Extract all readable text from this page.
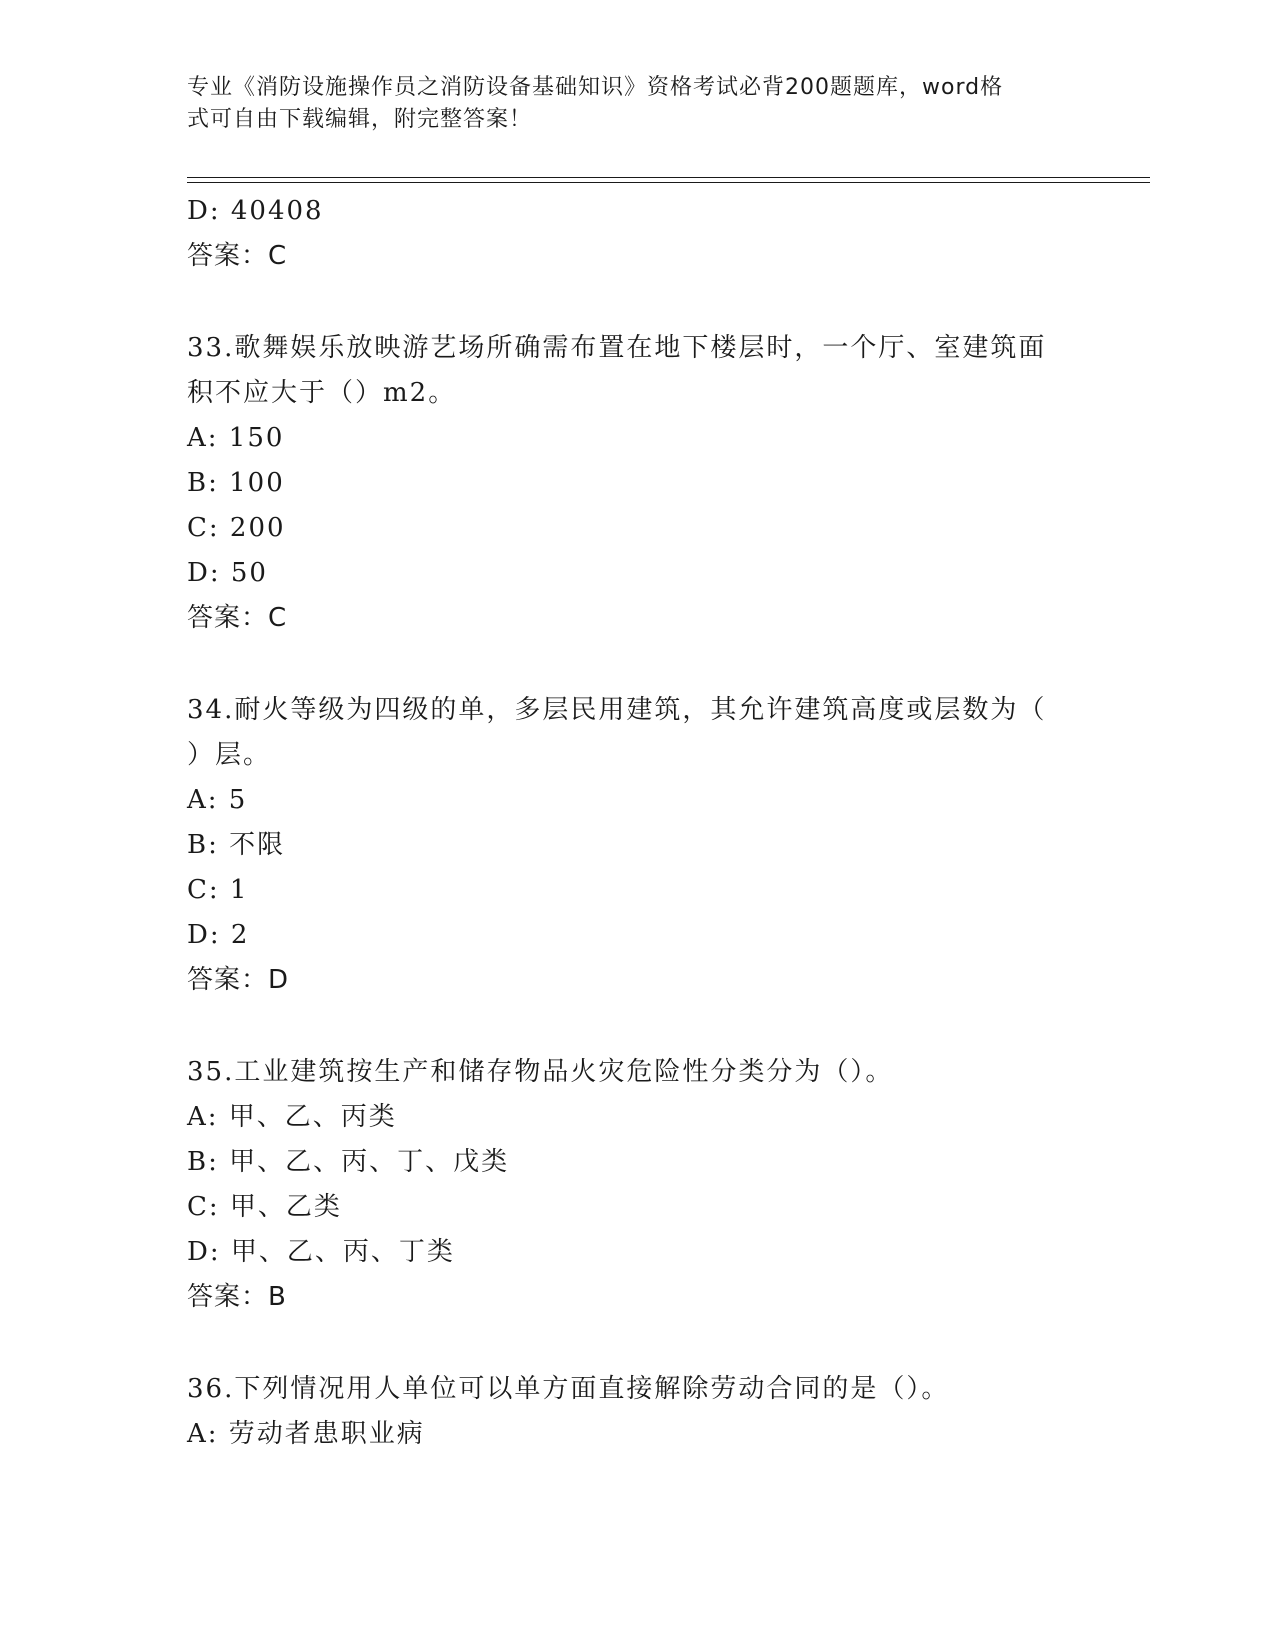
专业《消防设施操作员之消防设备基础知识》资格考试必背200题题库，word格
式可自由下载编辑，附完整答案！
D: 40408
答案：C
33.歌舞娱乐放映游艺场所确需布置在地下楼层时，一个厅、室建筑面
积不应大于（）m2。
A: 150
B: 100
C: 200
D: 50
答案：C
34.耐火等级为四级的单，多层民用建筑，其允许建筑高度或层数为（
）层。
A: 5
B: 不限
C: 1
D: 2
答案：D
35.工业建筑按生产和储存物品火灾危险性分类分为（）。
A: 甲、乙、丙类
B: 甲、乙、丙、丁、戊类
C: 甲、乙类
D: 甲、乙、丙、丁类
答案：B
36.下列情况用人单位可以单方面直接解除劳动合同的是（）。
A: 劳动者患职业病
